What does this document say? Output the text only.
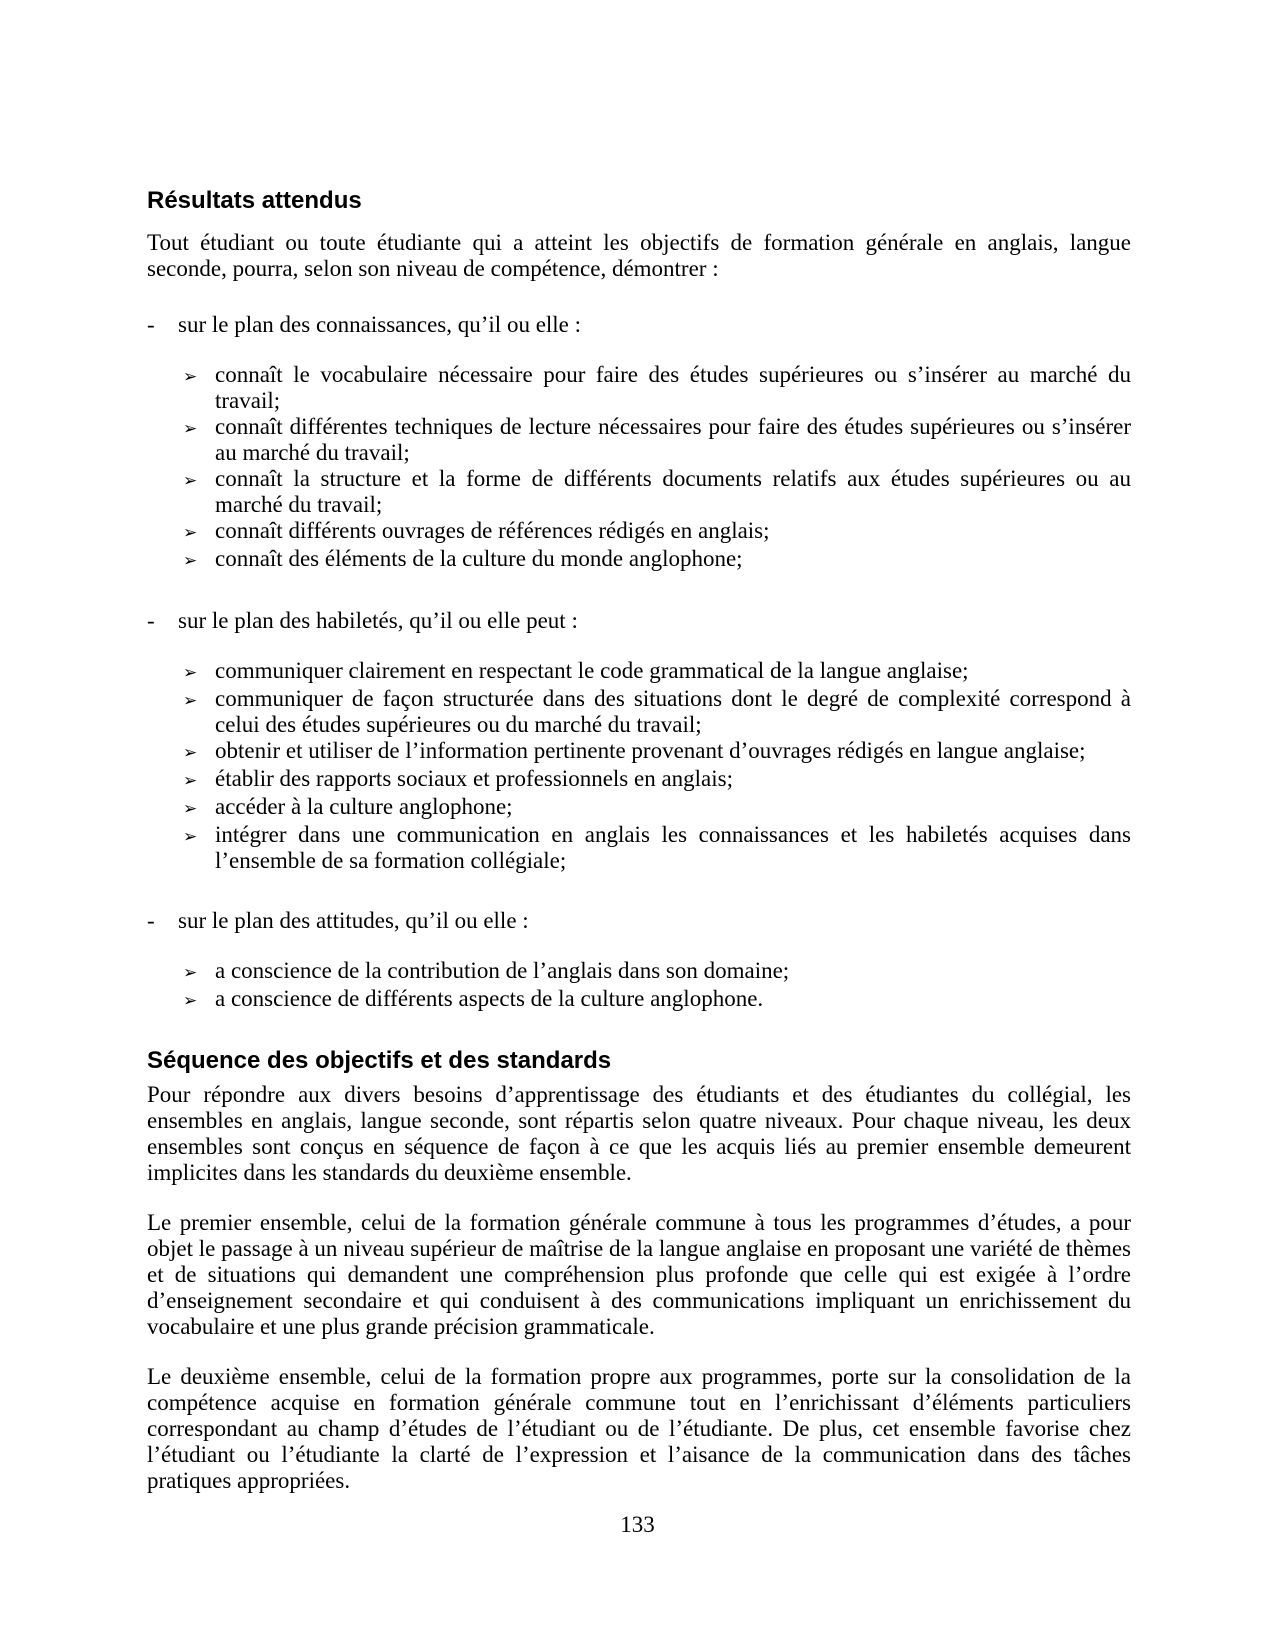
Résultats attendus

Tout étudiant ou toute étudiante qui a atteint les objectifs de formation générale en anglais, langue seconde, pourra, selon son niveau de compétence, démontrer :

-	sur le plan des connaissances, qu’il ou elle :
➢ connaît le vocabulaire nécessaire pour faire des études supérieures ou s’insérer au marché du travail;
➢ connaît différentes techniques de lecture nécessaires pour faire des études supérieures ou s’insérer au marché du travail;
➢ connaît la structure et la forme de différents documents relatifs aux études supérieures ou au marché du travail;
➢ connaît différents ouvrages de références rédigés en anglais;
➢ connaît des éléments de la culture du monde anglophone;
-	sur le plan des habiletés, qu’il ou elle peut :
➢ communiquer clairement en respectant le code grammatical de la langue anglaise;
➢ communiquer de façon structurée dans des situations dont le degré de complexité correspond à celui des études supérieures ou du marché du travail;
➢ obtenir et utiliser de l’information pertinente provenant d’ouvrages rédigés en langue anglaise;
➢ établir des rapports sociaux et professionnels en anglais;
➢ accéder à la culture anglophone;
➢ intégrer dans une communication en anglais les connaissances et les habiletés acquises dans l’ensemble de sa formation collégiale;
-	sur le plan des attitudes, qu’il ou elle :
➢ a conscience de la contribution de l’anglais dans son domaine;
➢ a conscience de différents aspects de la culture anglophone.
Séquence des objectifs et des standards

Pour répondre aux divers besoins d’apprentissage des étudiants et des étudiantes du collégial, les ensembles en anglais, langue seconde, sont répartis selon quatre niveaux. Pour chaque niveau, les deux ensembles sont conçus en séquence de façon à ce que les acquis liés au premier ensemble demeurent implicites dans les standards du deuxième ensemble.

Le premier ensemble, celui de la formation générale commune à tous les programmes d’études, a pour objet le passage à un niveau supérieur de maîtrise de la langue anglaise en proposant une variété de thèmes et de situations qui demandent une compréhension plus profonde que celle qui est exigée à l’ordre d’enseignement secondaire et qui conduisent à des communications impliquant un enrichissement du vocabulaire et une plus grande précision grammaticale.

Le deuxième ensemble, celui de la formation propre aux programmes, porte sur la consolidation de la compétence acquise en formation générale commune tout en l’enrichissant d’éléments particuliers correspondant au champ d’études de l’étudiant ou de l’étudiante. De plus, cet ensemble favorise chez l’étudiant ou l’étudiante la clarté de l’expression et l’aisance de la communication dans des tâches pratiques appropriées.

133
